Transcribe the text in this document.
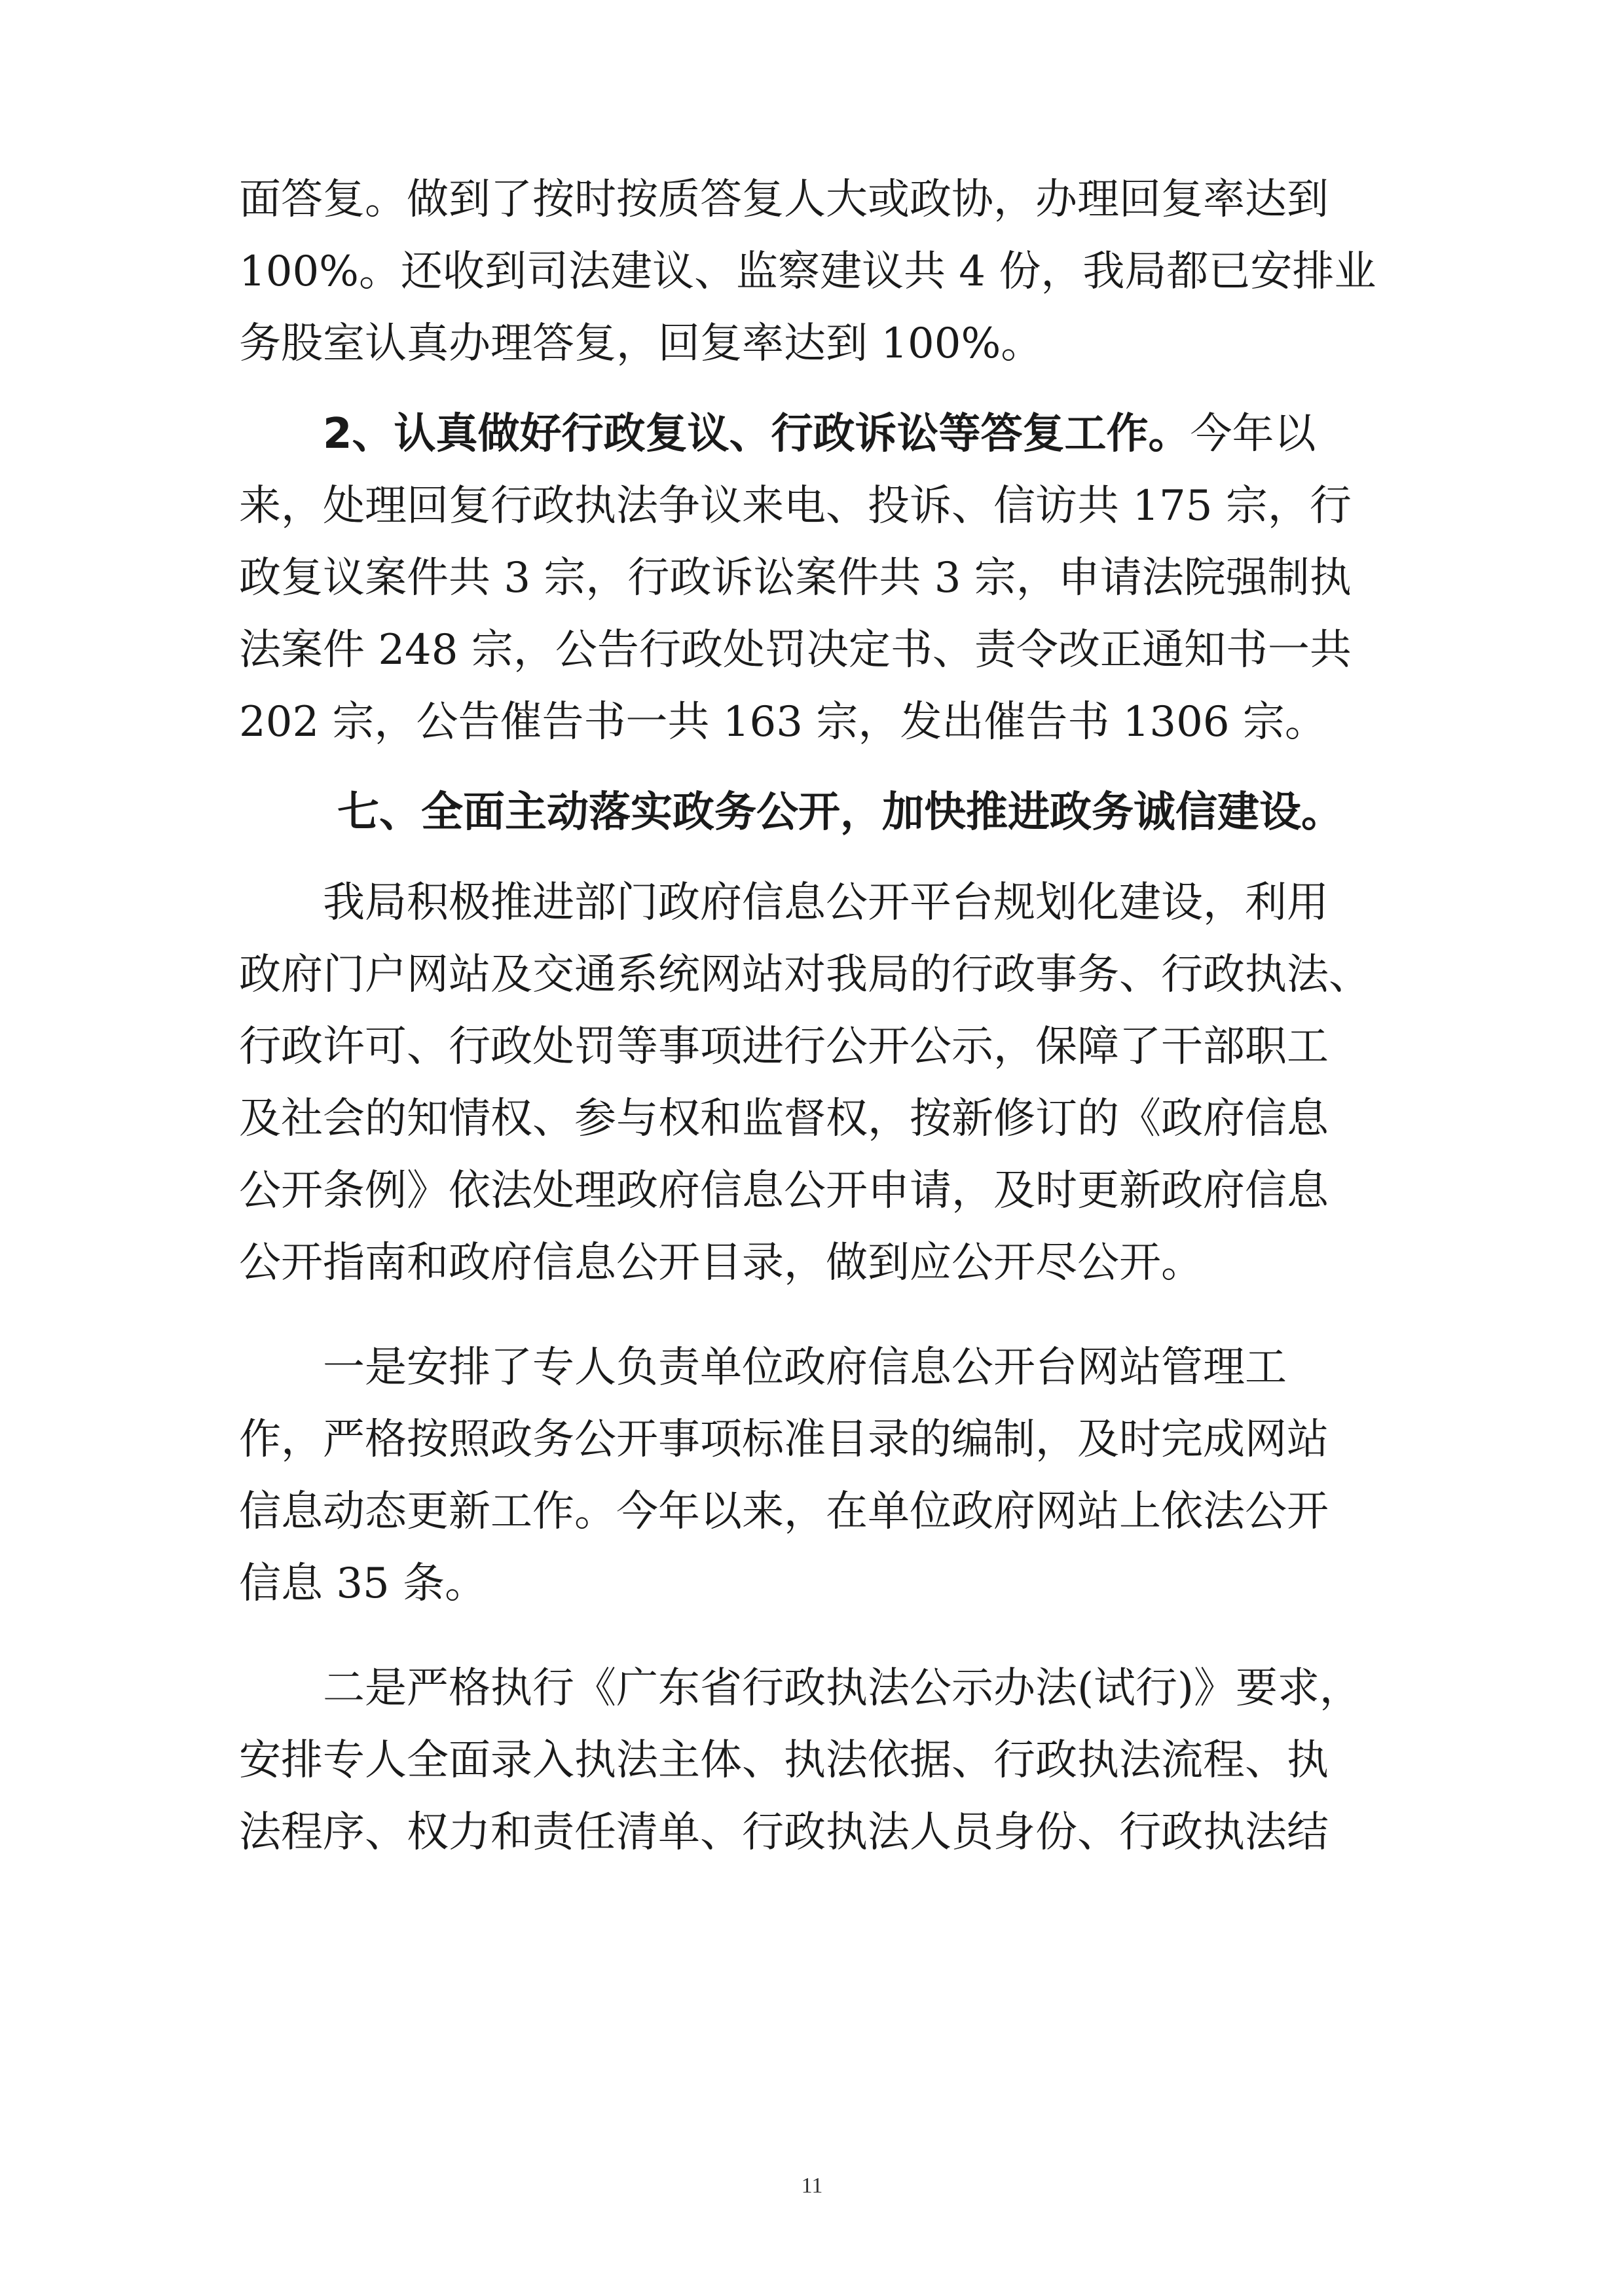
面答复。做到了按时按质答复人大或政协，办理回复率达到
100%。还收到司法建议、监察建议共 4 份，我局都已安排业
务股室认真办理答复，回复率达到 100%。
2、认真做好行政复议、行政诉讼等答复工作。今年以
来，处理回复行政执法争议来电、投诉、信访共 175 宗，行
政复议案件共 3 宗，行政诉讼案件共 3 宗，申请法院强制执
法案件 248 宗，公告行政处罚决定书、责令改正通知书一共
202 宗，公告催告书一共 163 宗，发出催告书 1306 宗。
七、全面主动落实政务公开，加快推进政务诚信建设。
我局积极推进部门政府信息公开平台规划化建设，利用
政府门户网站及交通系统网站对我局的行政事务、行政执法、
行政许可、行政处罚等事项进行公开公示，保障了干部职工
及社会的知情权、参与权和监督权，按新修订的《政府信息
公开条例》依法处理政府信息公开申请，及时更新政府信息
公开指南和政府信息公开目录，做到应公开尽公开。
一是安排了专人负责单位政府信息公开台网站管理工
作，严格按照政务公开事项标准目录的编制，及时完成网站
信息动态更新工作。今年以来，在单位政府网站上依法公开
信息 35 条。
二是严格执行《广东省行政执法公示办法(试行)》要求，
安排专人全面录入执法主体、执法依据、行政执法流程、执
法程序、权力和责任清单、行政执法人员身份、行政执法结
11
